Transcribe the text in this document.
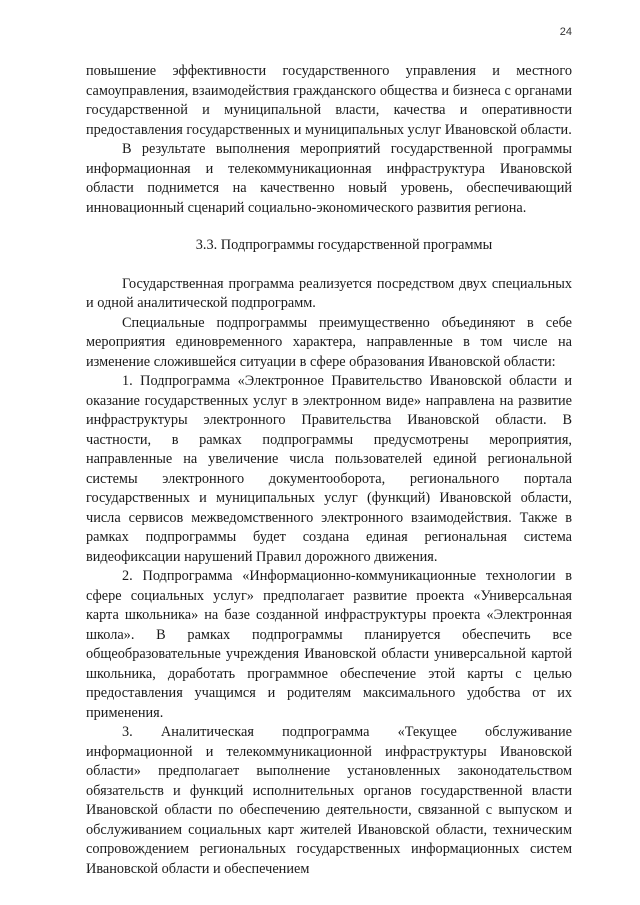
24

повышение эффективности государственного управления и местного самоуправления, взаимодействия гражданского общества и бизнеса с органами государственной и муниципальной власти, качества и оперативности предоставления государственных и муниципальных услуг Ивановской области.

В результате выполнения мероприятий государственной программы информационная и телекоммуникационная инфраструктура Ивановской области поднимется на качественно новый уровень, обеспечивающий инновационный сценарий социально-экономического развития региона.

3.3. Подпрограммы государственной программы

Государственная программа реализуется посредством двух специальных и одной аналитической подпрограмм.

Специальные подпрограммы преимущественно объединяют в себе мероприятия единовременного характера, направленные в том числе на изменение сложившейся ситуации в сфере образования Ивановской области:

1. Подпрограмма «Электронное Правительство Ивановской области и оказание государственных услуг в электронном виде» направлена на развитие инфраструктуры электронного Правительства Ивановской области. В частности, в рамках подпрограммы предусмотрены мероприятия, направленные на увеличение числа пользователей единой региональной системы электронного документооборота, регионального портала государственных и муниципальных услуг (функций) Ивановской области, числа сервисов межведомственного электронного взаимодействия. Также в рамках подпрограммы будет создана единая региональная система видеофиксации нарушений Правил дорожного движения.

2. Подпрограмма «Информационно-коммуникационные технологии в сфере социальных услуг» предполагает развитие проекта «Универсальная карта школьника» на базе созданной инфраструктуры проекта «Электронная школа». В рамках подпрограммы планируется обеспечить все общеобразовательные учреждения Ивановской области универсальной картой школьника, доработать программное обеспечение этой карты с целью предоставления учащимся и родителям максимального удобства от их применения.

3. Аналитическая подпрограмма «Текущее обслуживание информационной и телекоммуникационной инфраструктуры Ивановской области» предполагает выполнение установленных законодательством обязательств и функций исполнительных органов государственной власти Ивановской области по обеспечению деятельности, связанной с выпуском и обслуживанием социальных карт жителей Ивановской области, техническим сопровождением региональных государственных информационных систем Ивановской области и обеспечением
